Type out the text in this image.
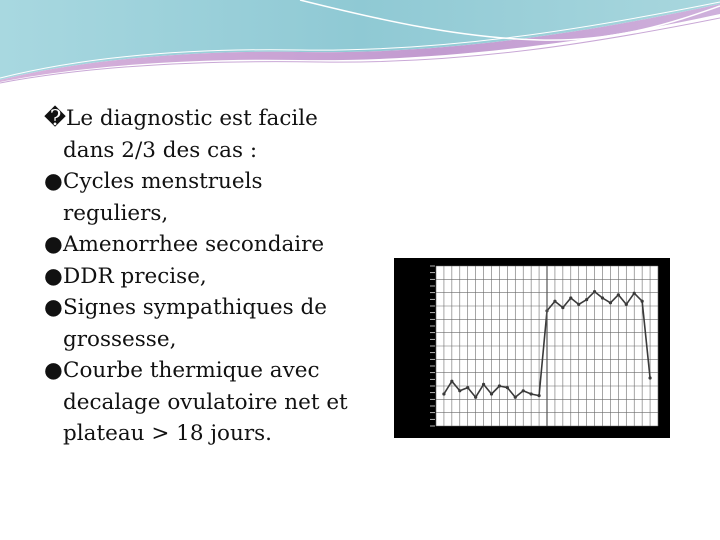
�Le diagnostic est facile
dans 2/3 des cas :
●Cycles menstruels
reguliers,
●Amenorrhee secondaire
●DDR precise,
●Signes sympathiques de
grossesse,
●Courbe thermique avec
decalage ovulatoire net et
plateau > 18 jours.
